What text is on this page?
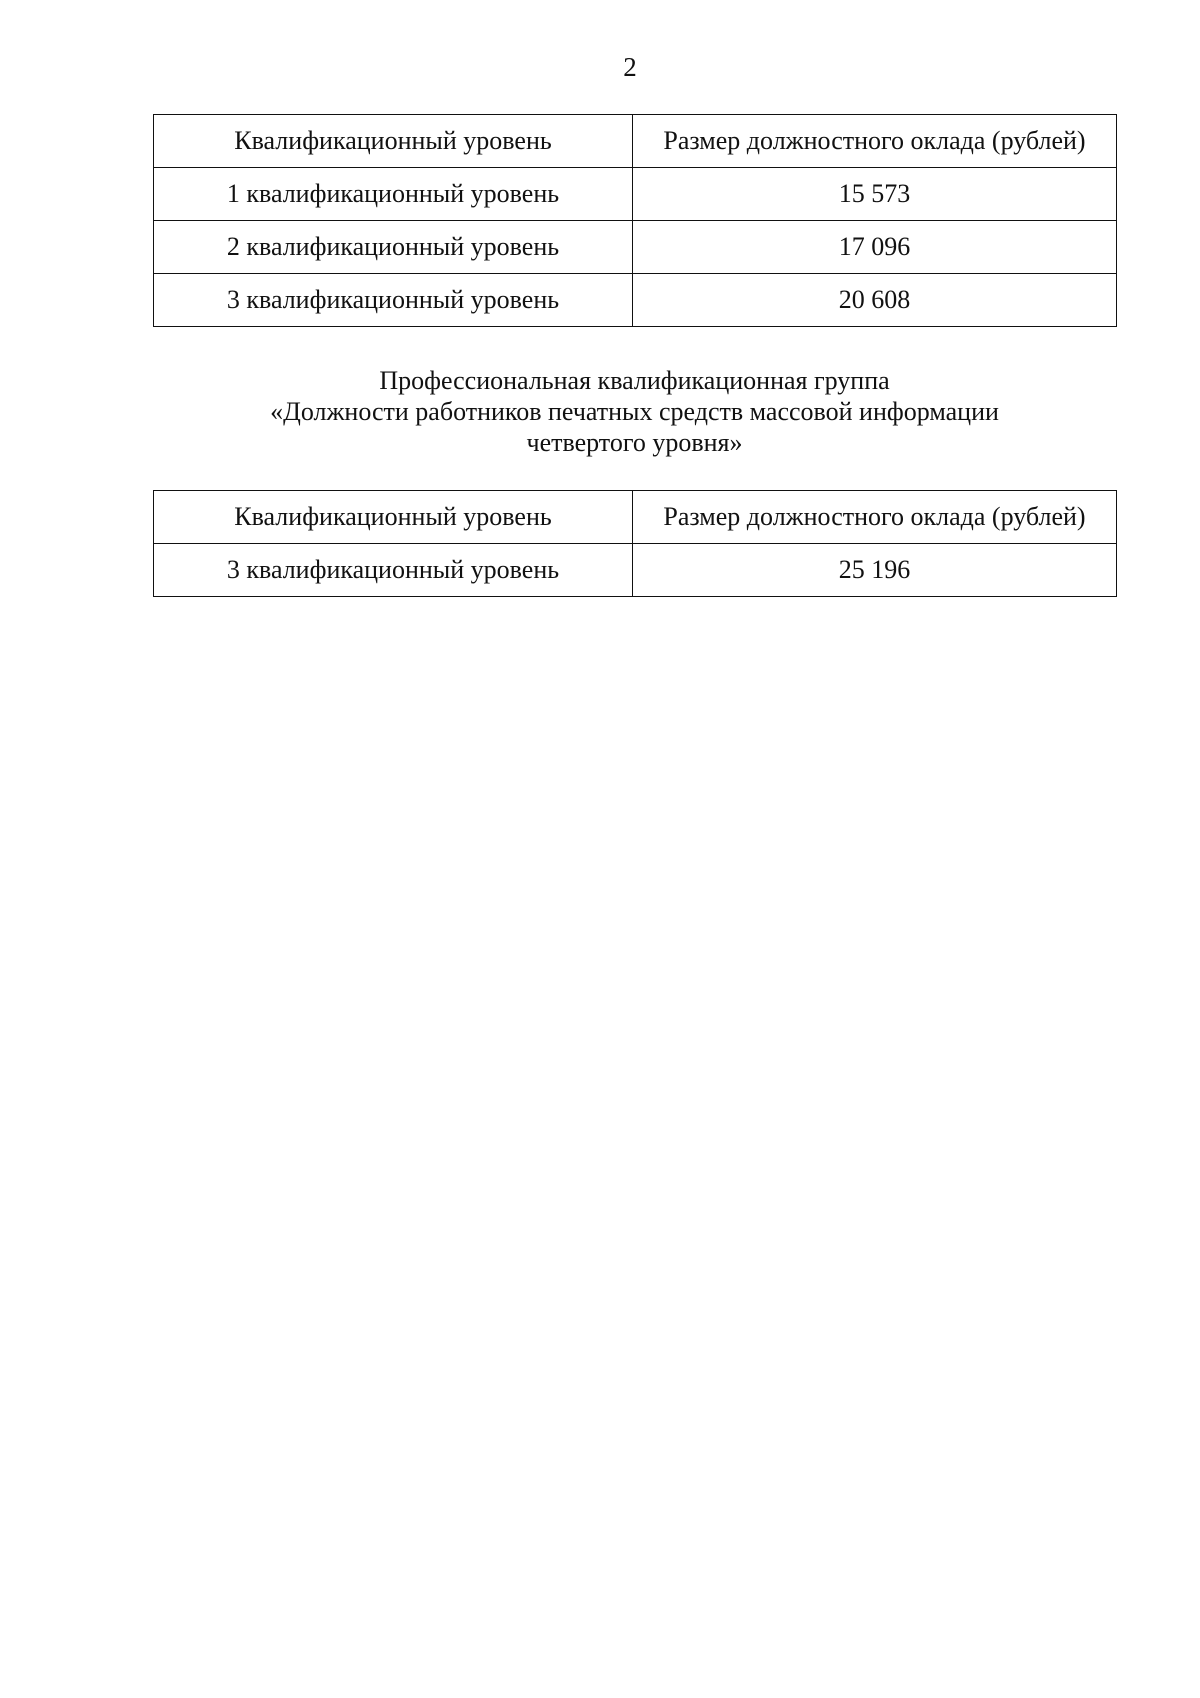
2
Квалификационный уровень	Размер должностного оклада (рублей)
1 квалификационный уровень	15 573
2 квалификационный уровень	17 096
3 квалификационный уровень	20 608
Профессиональная квалификационная группа
«Должности работников печатных средств массовой информации
четвертого уровня»
Квалификационный уровень	Размер должностного оклада (рублей)
3 квалификационный уровень	25 196
